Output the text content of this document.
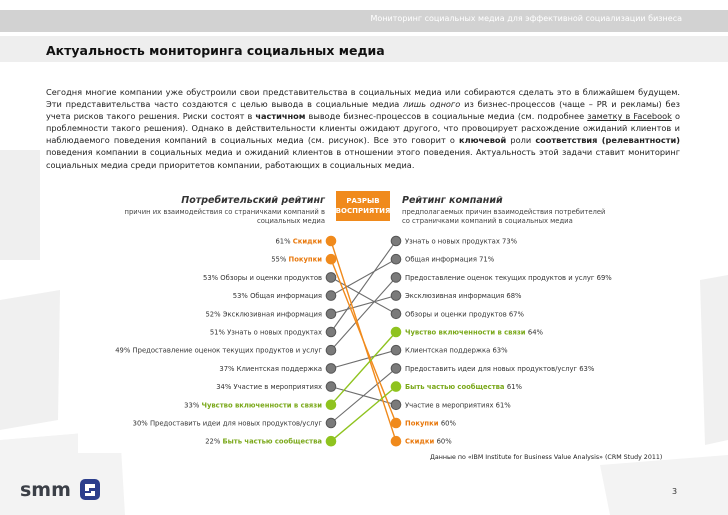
Мониторинг социальных медиа для эффективной социализации бизнеса
Актуальность мониторинга социальных медиа
Сегодня многие компании уже обустроили свои представительства в социальных медиа или собираются сделать это в ближайшем будущем. Эти представительства часто создаются с целью вывода в социальные медиа лишь одного из бизнес-процессов (чаще – PR и рекламы) без учета рисков такого решения. Риски состоят в частичном выводе бизнес-процессов в социальные медиа (см. подробнее заметку в Facebook о проблемности такого решения). Однако в действительности клиенты ожидают другого, что провоцирует расхождение ожиданий клиентов и наблюдаемого поведения компаний в социальных медиа (см. рисунок). Все это говорит о ключевой роли соответствия (релевантности) поведения компании в социальных медиа и ожиданий клиентов в отношении этого поведения. Актуальность этой задачи ставит мониторинг социальных медиа среди приоритетов компании, работающих в социальных медиа.
Потребительский рейтинг
причин их взаимодействия со страничками компаний в
социальных медиа
Рейтинг компаний
предполагаемых причин взаимодействия потребителей
со страничками компаний в социальных медиа
РАЗРЫВ
ВОСПРИЯТИЯ
61% Скидки
55% Покупки
53% Обзоры и оценки продуктов
53% Общая информация
52% Эксклюзивная информация
51% Узнать о новых продуктах
49% Предоставление оценок текущих продуктов и услуг
37% Клиентская поддержка
34% Участие в мероприятиях
33% Чувство включенности в связи
30% Предоставить идеи для новых продуктов/услуг
22% Быть частью сообщества
Узнать о новых продуктах 73%
Общая информация 71%
Предоставление оценок текущих продуктов и услуг 69%
Эксклюзивная информация 68%
Обзоры и оценки продуктов 67%
Чувство включенности в связи 64%
Клиентская поддержка 63%
Предоставить идеи для новых продуктов/услуг 63%
Быть частью сообщества 61%
Участие в мероприятиях 61%
Покупки 60%
Скидки 60%
Данные по «IBM Institute for Business Value Analysis» (CRM Study 2011)
3
smm
